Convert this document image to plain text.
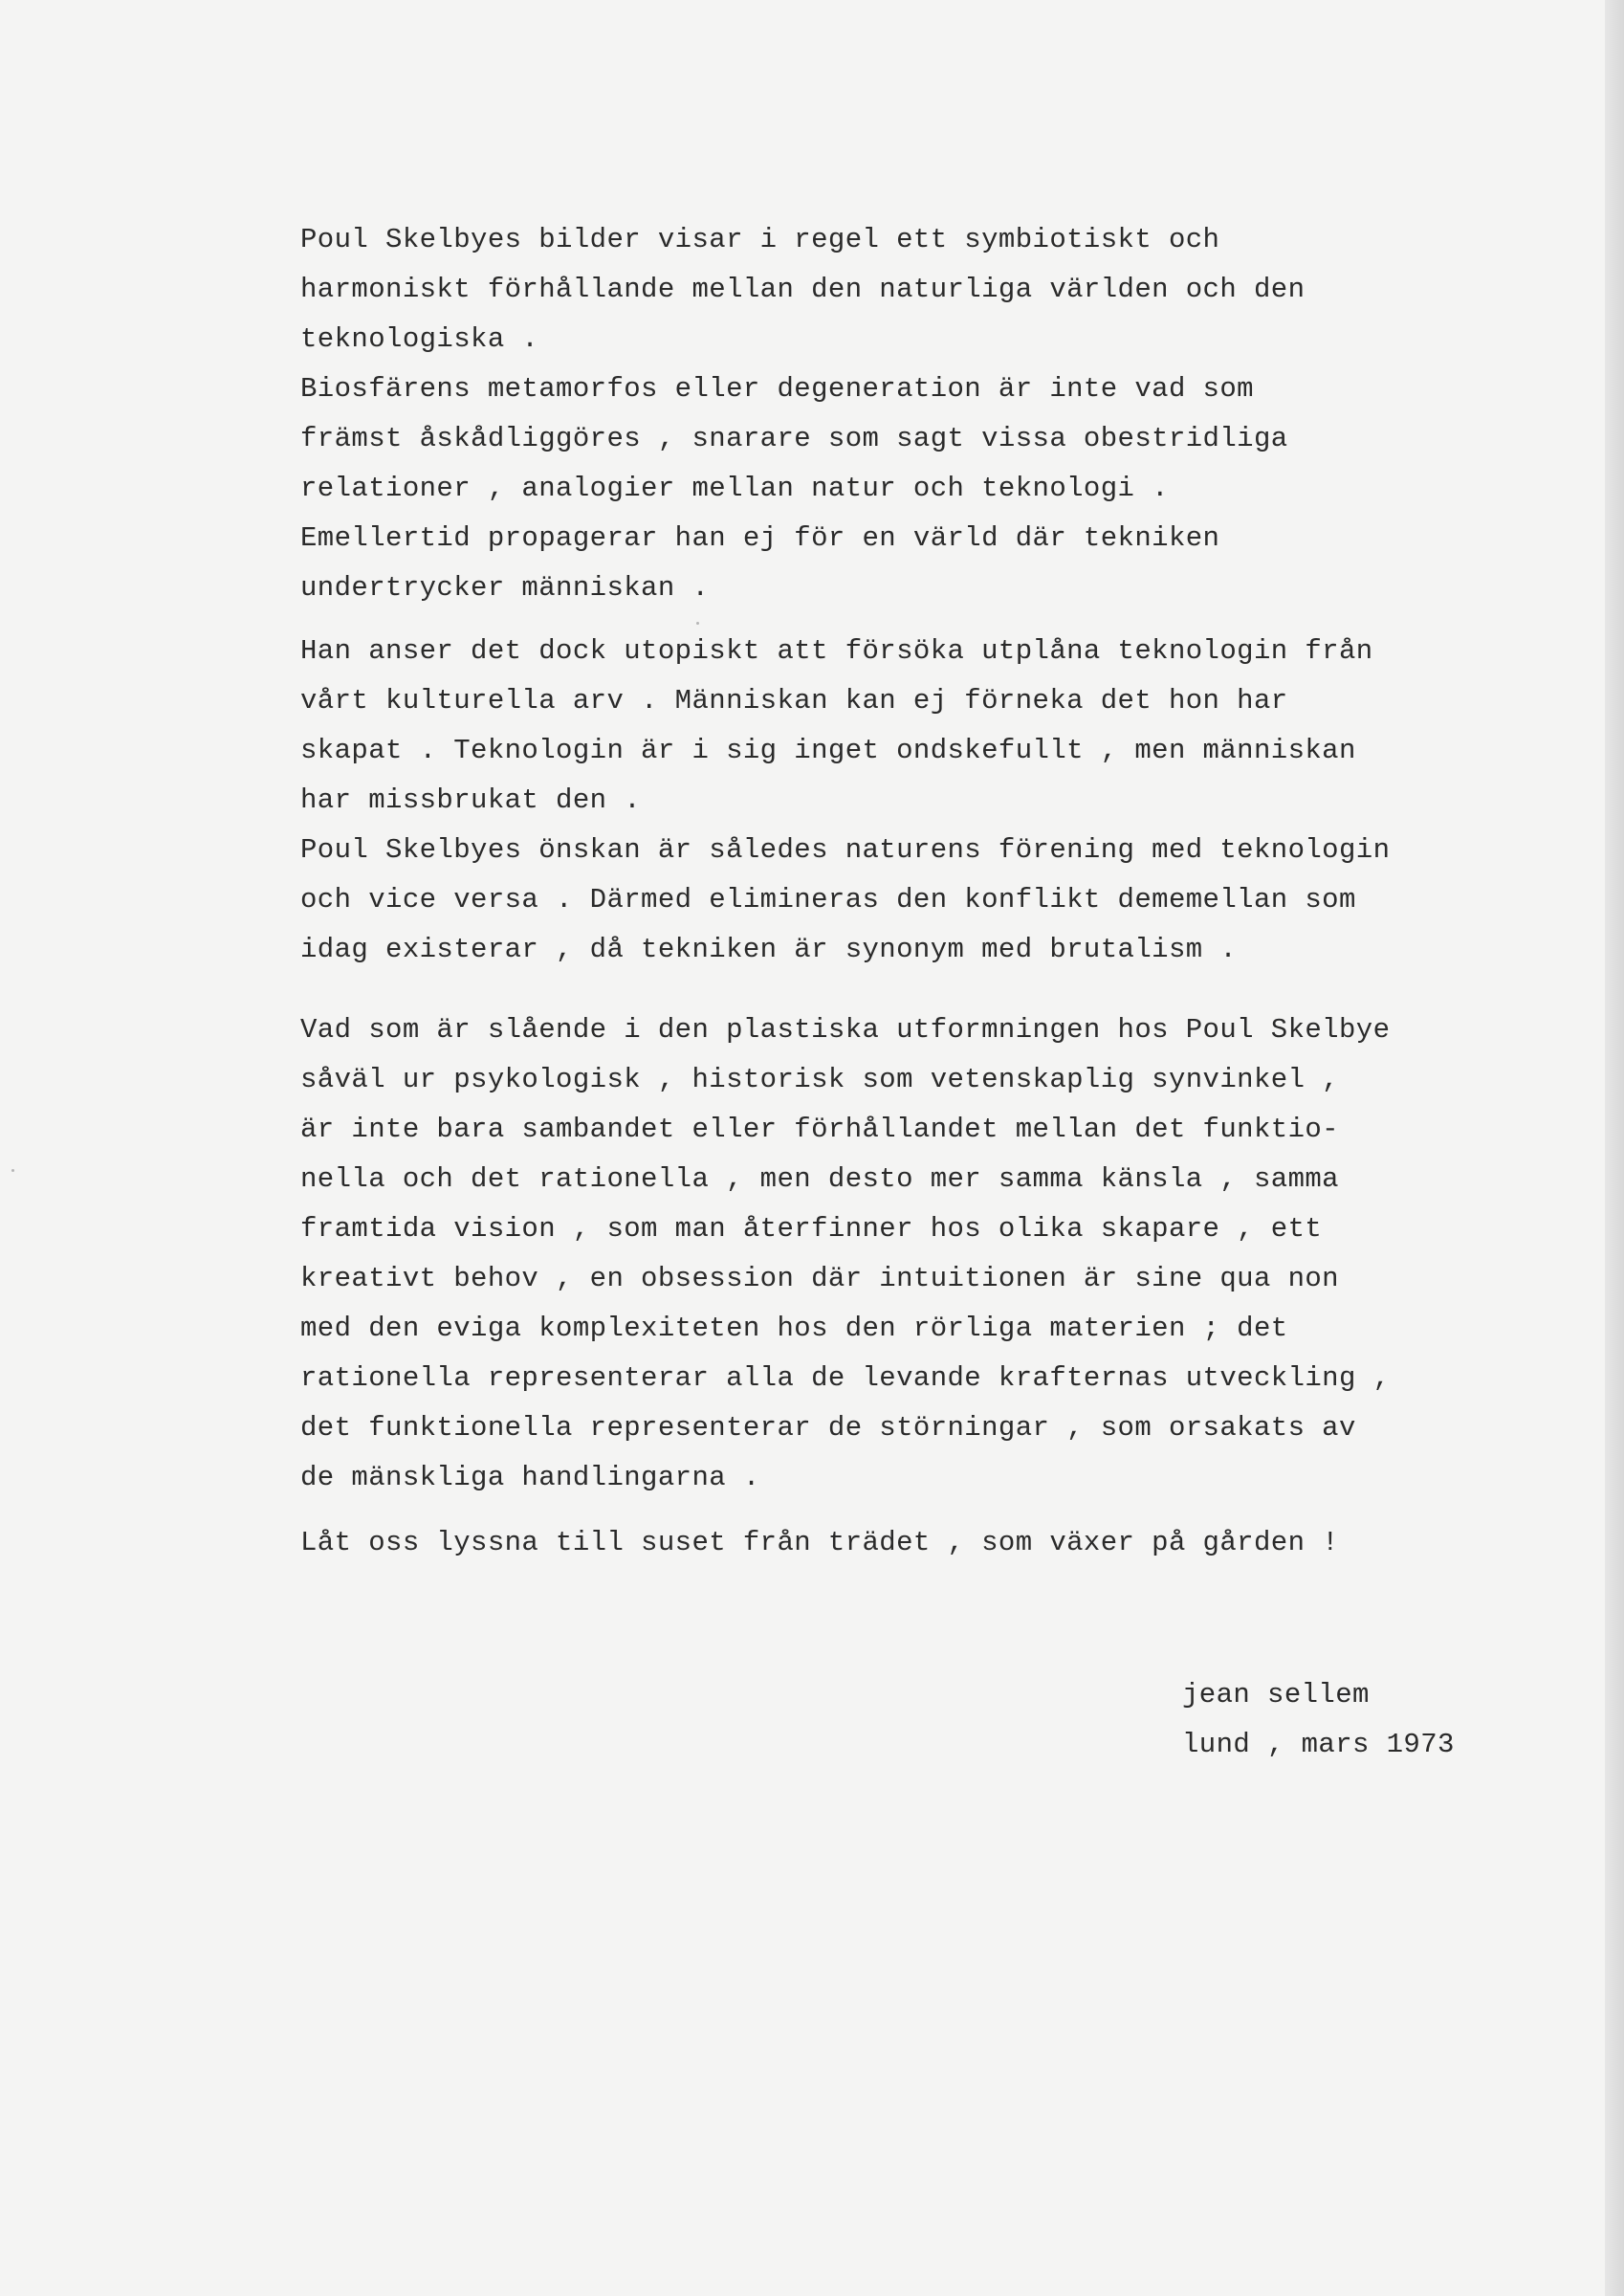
Poul Skelbyes bilder visar i regel ett symbiotiskt och
harmoniskt förhållande mellan den naturliga världen och den
teknologiska .
Biosfärens metamorfos eller degeneration är inte vad som
främst åskådliggöres , snarare som sagt vissa obestridliga
relationer , analogier mellan natur och teknologi .
Emellertid propagerar han ej för en värld där tekniken
undertrycker människan .
Han anser det dock utopiskt att försöka utplåna teknologin från
vårt kulturella arv . Människan kan ej förneka det hon har
skapat . Teknologin är i sig inget ondskefullt , men människan
har missbrukat den .
Poul Skelbyes önskan är således naturens förening med teknologin
och vice versa . Därmed elimineras den konflikt dememellan som
idag existerar , då tekniken är synonym med brutalism .
Vad som är slående i den plastiska utformningen hos Poul Skelbye
såväl ur psykologisk , historisk som vetenskaplig synvinkel ,
är inte bara sambandet eller förhållandet mellan det funktio-
nella och det rationella , men desto mer samma känsla , samma
framtida vision , som man återfinner hos olika skapare , ett
kreativt behov , en obsession där intuitionen är sine qua non
med den eviga komplexiteten hos den rörliga materien ; det
rationella representerar alla de levande krafternas utveckling ,
det funktionella representerar de störningar , som orsakats av
de mänskliga handlingarna .
Låt oss lyssna till suset från trädet , som växer på gården !
jean sellem
lund , mars 1973
